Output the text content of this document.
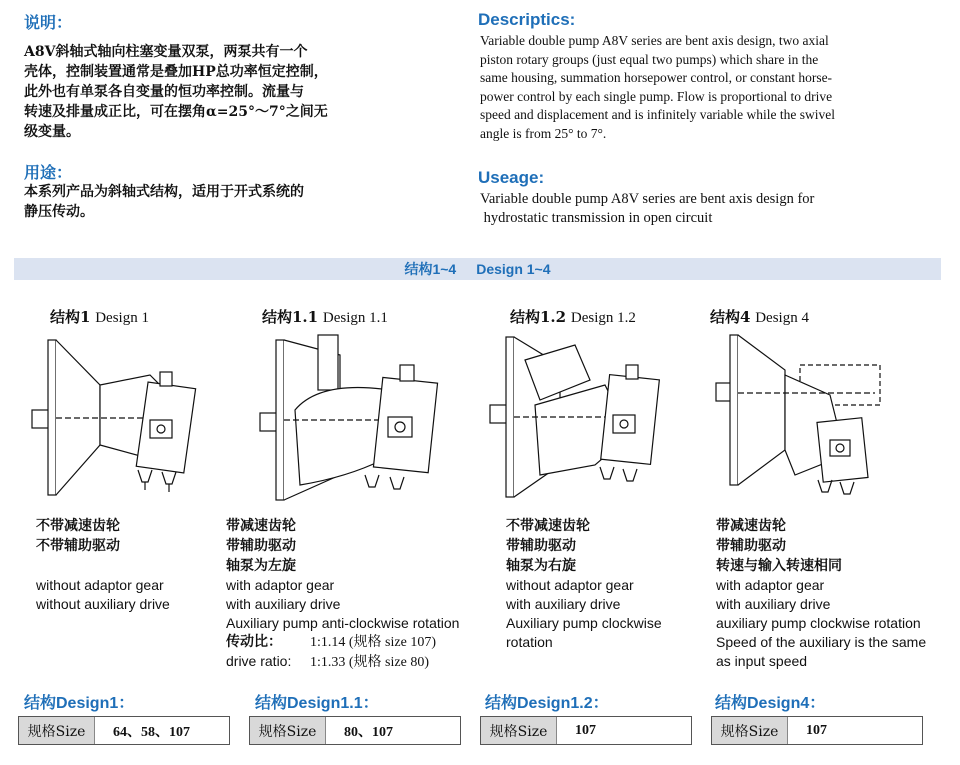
说明：
A8V斜轴式轴向柱塞变量双泵，两泵共有一个
壳体，控制装置通常是叠加HP总功率恒定控制，
此外也有单泵各自变量的恒功率控制。流量与
转速及排量成正比，可在摆角α=25°～7°之间无
级变量。
Descriptics:
Variable double pump A8V series are bent axis design, two axial
piston rotary groups (just equal two pumps) which share in the
same housing, summation horsepower control, or constant horse-
power control by each single pump. Flow is proportional to drive
speed and displacement and is infinitely variable while the swivel
angle is from 25° to 7°.
用途：
本系列产品为斜轴式结构，适用于开式系统的
静压传动。
Useage:
Variable double pump A8V series are bent axis design for
hydrostatic transmission in open circuit
结构1~4 Design 1~4
结构1 Design 1	结构1.1 Design 1.1	结构1.2 Design 1.2	结构4 Design 4
不带减速齿轮
不带辅助驱动
without adaptor gear
without auxiliary drive
带减速齿轮
带辅助驱动
轴泵为左旋
with adaptor gear
with auxiliary drive
Auxiliary pump anti-clockwise rotation
传动比： 1:1.14 (规格 size 107)
drive ratio: 1:1.33 (规格 size 80)
不带减速齿轮
带辅助驱动
轴泵为右旋
without adaptor gear
with auxiliary drive
Auxiliary pump clockwise
rotation
带减速齿轮
带辅助驱动
转速与输入转速相同
with adaptor gear
with auxiliary drive
auxiliary pump clockwise rotation
Speed of the auxiliary is the same
as input speed
结构Design1：	结构Design1.1：	结构Design1.2：	结构Design4：
规格Size	64、58、107	规格Size	80、107	规格Size	107	规格Size	107
